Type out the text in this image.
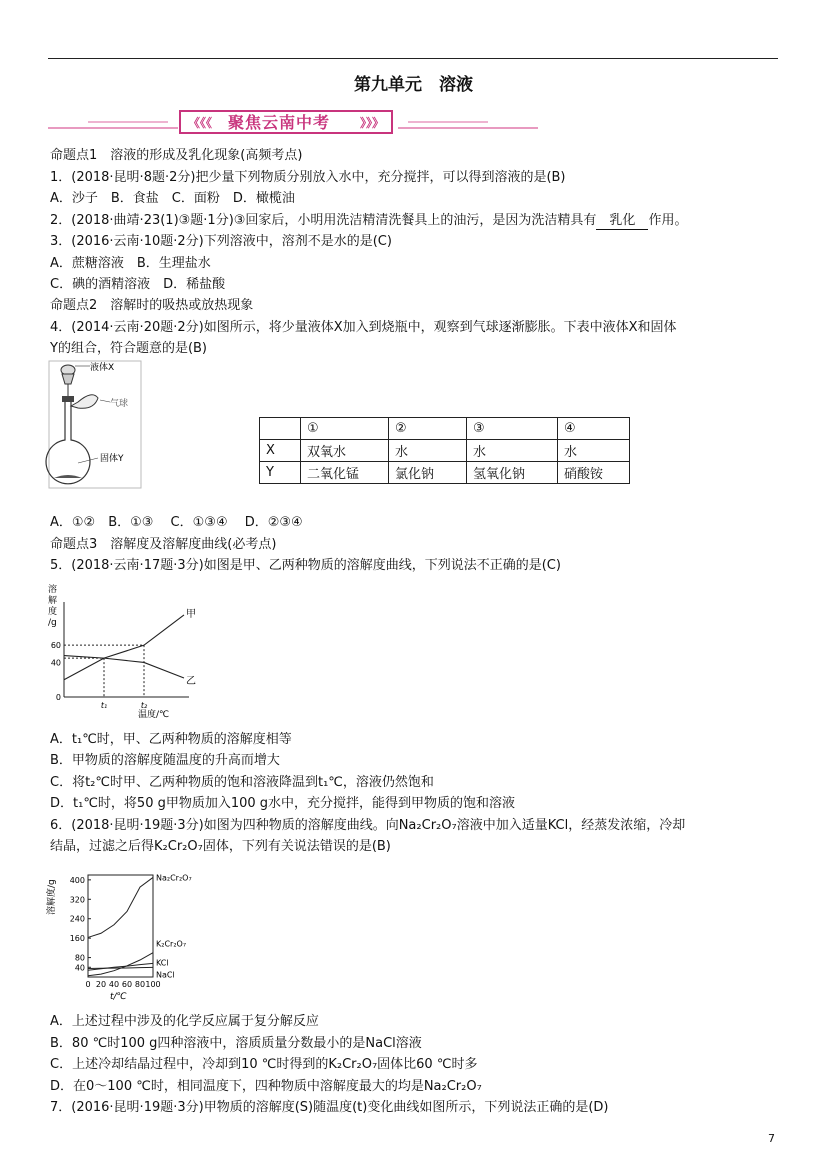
第九单元　溶液
《《《	》》》
聚焦云南中考
命题点1　溶液的形成及乳化现象(高频考点)
1．(2018·昆明·8题·2分)把少量下列物质分别放入水中，充分搅拌，可以得到溶液的是(B)
A．沙子　B．食盐　C．面粉　D．橄榄油
2．(2018·曲靖·23(1)③题·1分)③回家后，小明用洗洁精清洗餐具上的油污，是因为洗洁精具有 乳化 作用。
3．(2016·云南·10题·2分)下列溶液中，溶剂不是水的是(C)
A．蔗糖溶液　B．生理盐水
C．碘的酒精溶液　D．稀盐酸
命题点2　溶解时的吸热或放热现象
4．(2014·云南·20题·2分)如图所示，将少量液体X加入到烧瓶中，观察到气球逐渐膨胀。下表中液体X和固体
Y的组合，符合题意的是(B)
液体X
气球
固体Y
	①	②	③	④
X	双氧水	水	水	水
Y	二氧化锰	氯化钠	氢氧化钠	硝酸铵
A．①②　B．①③　 C．①③④　 D．②③④
命题点3　溶解度及溶解度曲线(必考点)
5．(2018·云南·17题·3分)如图是甲、乙两种物质的溶解度曲线，下列说法不正确的是(C)
溶
解
度
/g
0
40
60
t₁	t₂
甲
乙
温度/℃
A．t₁℃时，甲、乙两种物质的溶解度相等
B．甲物质的溶解度随温度的升高而增大
C．将t₂℃时甲、乙两种物质的饱和溶液降温到t₁℃，溶液仍然饱和
D．t₁℃时，将50 g甲物质加入100 g水中，充分搅拌，能得到甲物质的饱和溶液
6．(2018·昆明·19题·3分)如图为四种物质的溶解度曲线。向Na₂Cr₂O₇溶液中加入适量KCl，经蒸发浓缩，冷却
结晶，过滤之后得K₂Cr₂O₇固体，下列有关说法错误的是(B)
溶解度/g
40
80
160
240
320
400
0 20 40 60 80 100
t/℃
Na₂Cr₂O₇
K₂Cr₂O₇
KCl
NaCl
A．上述过程中涉及的化学反应属于复分解反应
B．80 ℃时100 g四种溶液中，溶质质量分数最小的是NaCl溶液
C．上述冷却结晶过程中，冷却到10 ℃时得到的K₂Cr₂O₇固体比60 ℃时多
D．在0～100 ℃时，相同温度下，四种物质中溶解度最大的均是Na₂Cr₂O₇
7．(2016·昆明·19题·3分)甲物质的溶解度(S)随温度(t)变化曲线如图所示，下列说法正确的是(D)
7
